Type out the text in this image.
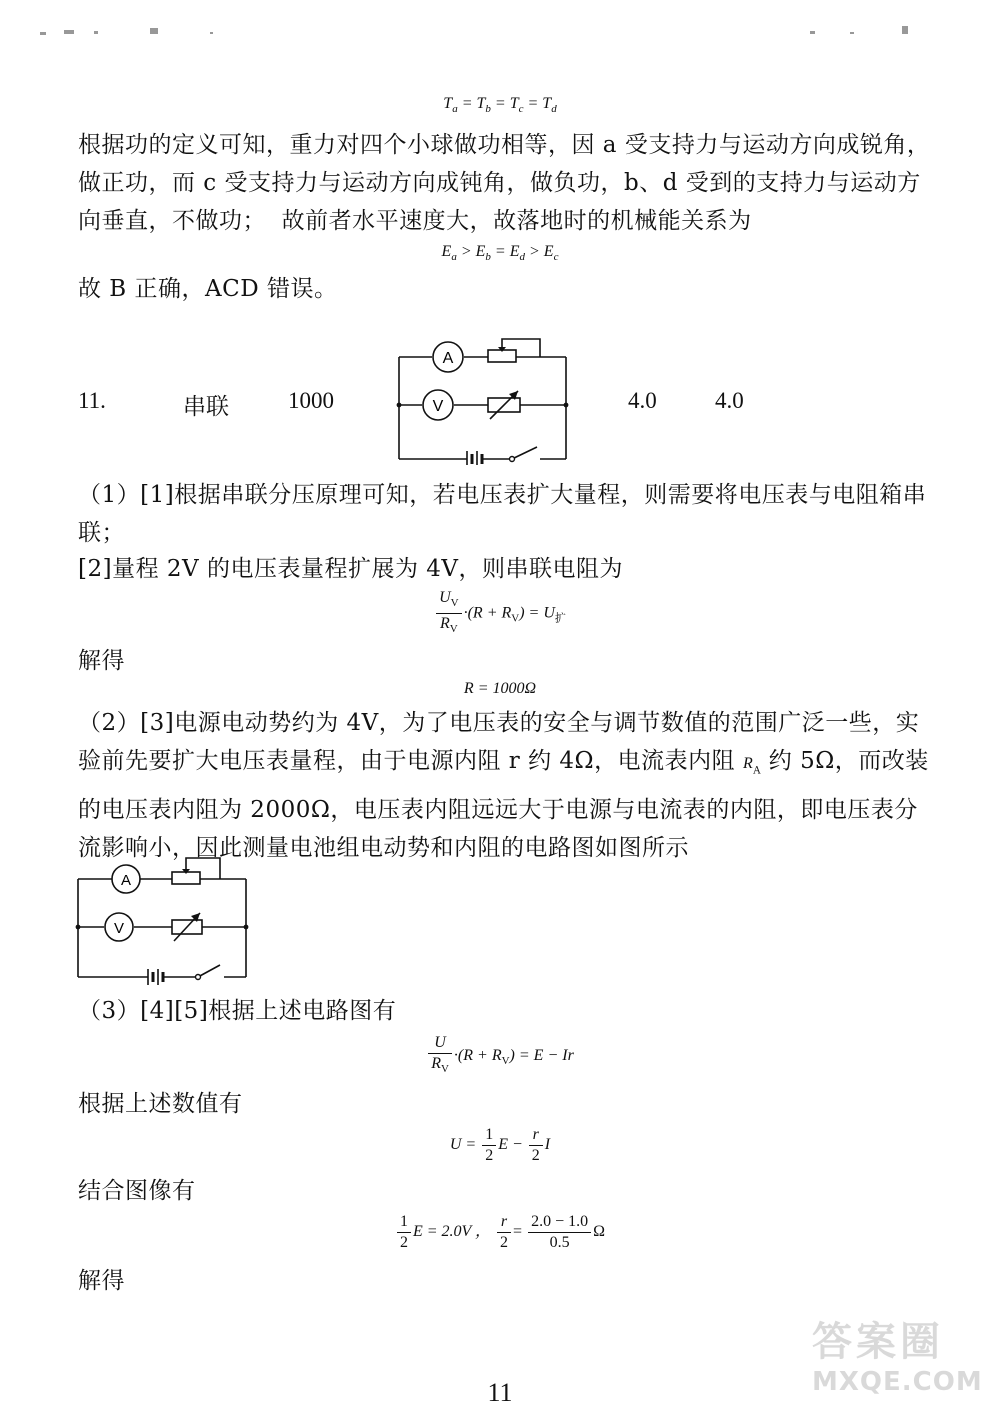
$T_a = T_b = T_c = T_d$
根据功的定义可知，重力对四个小球做功相等，因 a 受支持力与运动方向成锐角，做正功，而 c 受支持力与运动方向成钝角，做负功，b、d 受到的支持力与运动方向垂直，不做功；  故前者水平速度大，故落地时的机械能关系为
$E_a > E_b = E_d > E_c$
故 B 正确，ACD 错误。
11.	串联	1000	4.0	4.0
A
V
（1）[1]根据串联分压原理可知，若电压表扩大量程，则需要将电压表与电阻箱串联；
[2]量程 2V 的电压表量程扩展为 4V，则串联电阻为
$\frac{U_V}{R_V} \cdot(R + R_V) = U_扩$
解得
R = 1000Ω
（2）[3]电源电动势约为 4V，为了电压表的安全与调节数值的范围广泛一些，实验前先要扩大电压表量程，由于电源内阻 r 约 4Ω，电流表内阻 $R_A$ 约 5Ω，而改装的电压表内阻为 2000Ω，电压表内阻远远大于电源与电流表的内阻，即电压表分流影响小，因此测量电池组电动势和内阻的电路图如图所示
A
V
（3）[4][5]根据上述电路图有
$\frac{U}{R_V} \cdot(R + R_V) = E - Ir$
根据上述数值有
$U = \frac{1}{2}$ $E - \frac{r}{2}$ I
结合图像有
$\frac{1}{2}$ E = 2.0V ， $\frac{r}{2} = \frac{2.0 - 1.0}{0.5}$ Ω
解得
11
答案圈
MXQE.COM
